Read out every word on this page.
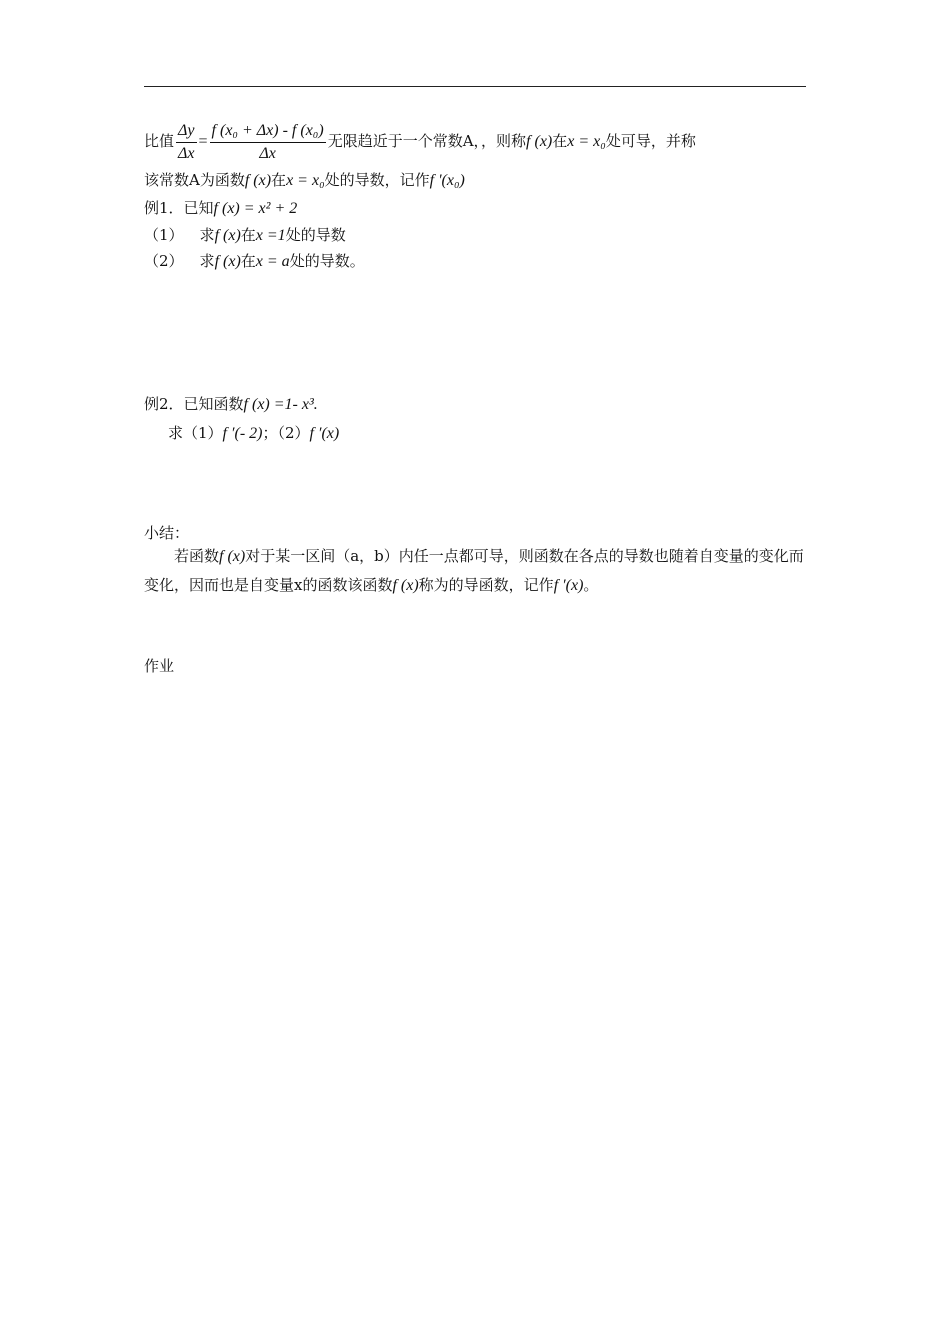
比值 $\frac{\Delta y}{\Delta x} = \frac{\text{f (x₀ + Δx) - f (x₀)}}{\Delta x}$ 无限趋近于一个常数A，，则称f (x)在x = x₀处可导，并称
该常数A为函数f (x)在x = x₀处的导数，记作f '(x₀)
例1．已知f (x) = x² + 2
（1） 求f (x)在x =1处的导数
（2） 求f (x)在x = a处的导数。
例2．已知函数f (x) =1- x³.
求（1）f ′(- 2)；（2）f ′(x)
小结：
若函数f (x)对于某一区间（a，b）内任一点都可导，则函数在各点的导数也随着自变量的变化而变化，因而也是自变量x的函数该函数f (x)称为的导函数，记作f ′(x)。
作业
